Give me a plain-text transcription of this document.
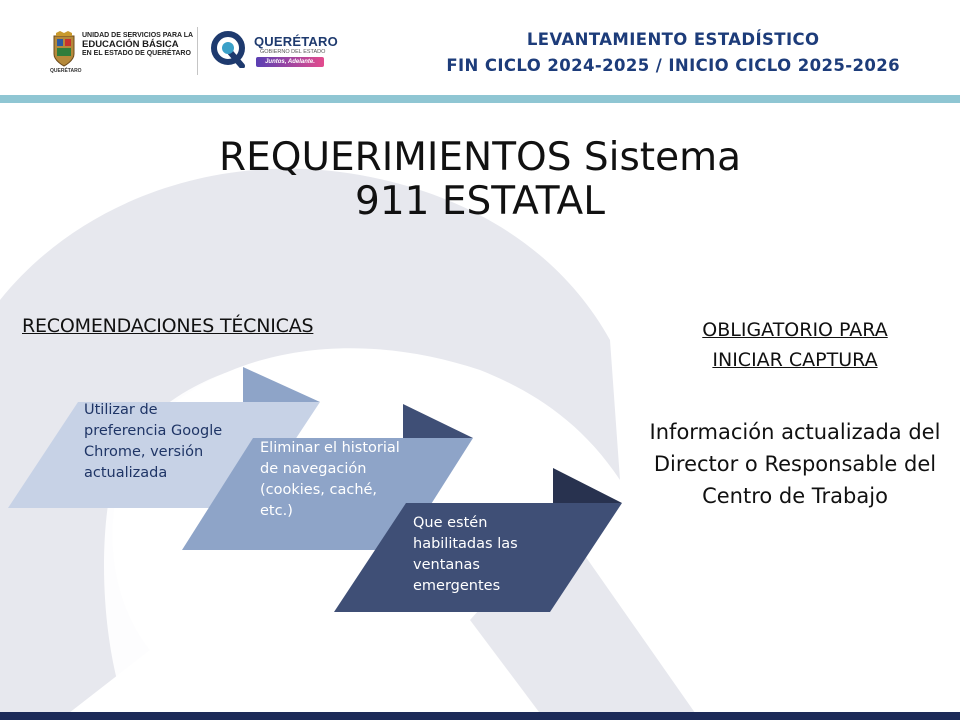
UNIDAD DE SERVICIOS PARA LA
EDUCACIÓN BÁSICA
EN EL ESTADO DE QUERÉTARO
QUERÉTARO
QUERÉTARO
GOBIERNO DEL ESTADO
Juntos, Adelante.
LEVANTAMIENTO ESTADÍSTICO
FIN CICLO 2024-2025 / INICIO CICLO 2025-2026
REQUERIMIENTOS Sistema
911 ESTATAL
RECOMENDACIONES TÉCNICAS	OBLIGATORIO PARA
INICIAR CAPTURA
Información actualizada del Director o Responsable del Centro de Trabajo
Utilizar de preferencia Google Chrome, versión actualizada
Eliminar el historial de navegación (cookies, caché, etc.)
Que estén habilitadas las ventanas emergentes
